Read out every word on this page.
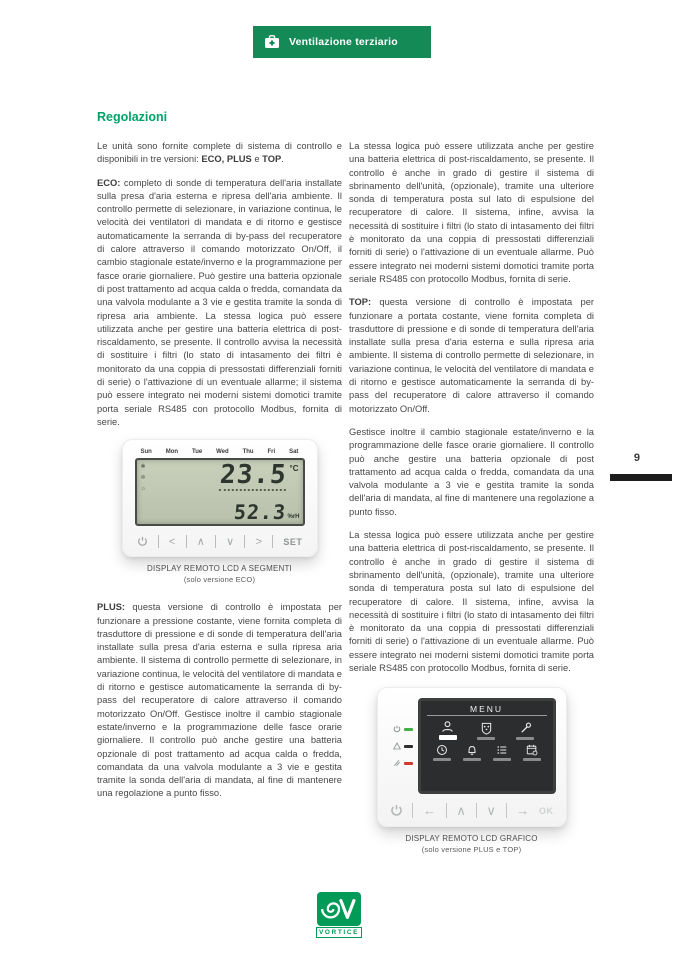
Ventilazione terziario
Regolazioni

Le unità sono fornite complete di sistema di controllo e disponibili in tre versioni: ECO, PLUS e TOP.

ECO: completo di sonde di temperatura dell'aria installate sulla presa d'aria esterna e ripresa dell'aria ambiente. Il controllo permette di selezionare, in variazione continua, le velocità dei ventilatori di mandata e di ritorno e gestisce automaticamente la serranda di by-pass del recuperatore di calore attraverso il comando motorizzato On/Off, il cambio stagionale estate/inverno e la programmazione per fasce orarie giornaliere. Può gestire una batteria opzionale di post trattamento ad acqua calda o fredda, comandata da una valvola modulante a 3 vie e gestita tramite la sonda di ripresa aria ambiente. La stessa logica può essere utilizzata anche per gestire una batteria elettrica di post-riscaldamento, se presente. Il controllo avvisa la necessità di sostituire i filtri (lo stato di intasamento dei filtri è monitorato da una coppia di pressostati differenziali forniti di serie) o l'attivazione di un eventuale allarme; il sistema può essere integrato nei moderni sistemi domotici tramite porta seriale RS485 con protocollo Modbus, fornita di serie.

Sun Mon Tue Wed Thu Fri Sat
✱
❄
☼	23.5 °C
52.3 %rH
< ∧ ∨ > SET
DISPLAY REMOTO LCD A SEGMENTI
(solo versione ECO)

PLUS: questa versione di controllo è impostata per funzionare a pressione costante, viene fornita completa di trasduttore di pressione e di sonde di temperatura dell'aria installate sulla presa d'aria esterna e sulla ripresa aria ambiente. Il sistema di controllo permette di selezionare, in variazione continua, le velocità del ventilatore di mandata e di ritorno e gestisce automaticamente la serranda di by-pass del recuperatore di calore attraverso il comando motorizzato On/Off. Gestisce inoltre il cambio stagionale estate/inverno e la programmazione delle fasce orarie giornaliere. Il controllo può anche gestire una batteria opzionale di post trattamento ad acqua calda o fredda, comandata da una valvola modulante a 3 vie e gestita tramite la sonda dell'aria di mandata, al fine di mantenere una regolazione a punto fisso.

La stessa logica può essere utilizzata anche per gestire una batteria elettrica di post-riscaldamento, se presente. Il controllo è anche in grado di gestire il sistema di sbrinamento dell'unità, (opzionale), tramite una ulteriore sonda di temperatura posta sul lato di espulsione del recuperatore di calore. Il sistema, infine, avvisa la necessità di sostituire i filtri (lo stato di intasamento dei filtri è monitorato da una coppia di pressostati differenziali forniti di serie) o l'attivazione di un eventuale allarme. Può essere integrato nei moderni sistemi domotici tramite porta seriale RS485 con protocollo Modbus, fornita di serie.

TOP: questa versione di controllo è impostata per funzionare a portata costante, viene fornita completa di trasduttore di pressione e di sonde di temperatura dell'aria installate sulla presa d'aria esterna e sulla ripresa aria ambiente. Il sistema di controllo permette di selezionare, in variazione continua, le velocità del ventilatore di mandata e di ritorno e gestisce automaticamente la serranda di by-pass del recuperatore di calore attraverso il comando motorizzato On/Off.

Gestisce inoltre il cambio stagionale estate/inverno e la programmazione delle fasce orarie giornaliere. Il controllo può anche gestire una batteria opzionale di post trattamento ad acqua calda o fredda, comandata da una valvola modulante a 3 vie e gestita tramite la sonda dell'aria di mandata, al fine di mantenere una regolazione a punto fisso.

La stessa logica può essere utilizzata anche per gestire una batteria elettrica di post-riscaldamento, se presente. Il controllo è anche in grado di gestire il sistema di sbrinamento dell'unità, (opzionale), tramite una ulteriore sonda di temperatura posta sul lato di espulsione del recuperatore di calore. Il sistema, infine, avvisa la necessità di sostituire i filtri (lo stato di intasamento dei filtri è monitorato da una coppia di pressostati differenziali forniti di serie) o l'attivazione di un eventuale allarme. Può essere integrato nei moderni sistemi domotici tramite porta seriale RS485 con protocollo Modbus, fornita di serie.

MENU
← ∧ ∨ → OK
DISPLAY REMOTO LCD GRAFICO
(solo versione PLUS e TOP)
9
VORTICE
